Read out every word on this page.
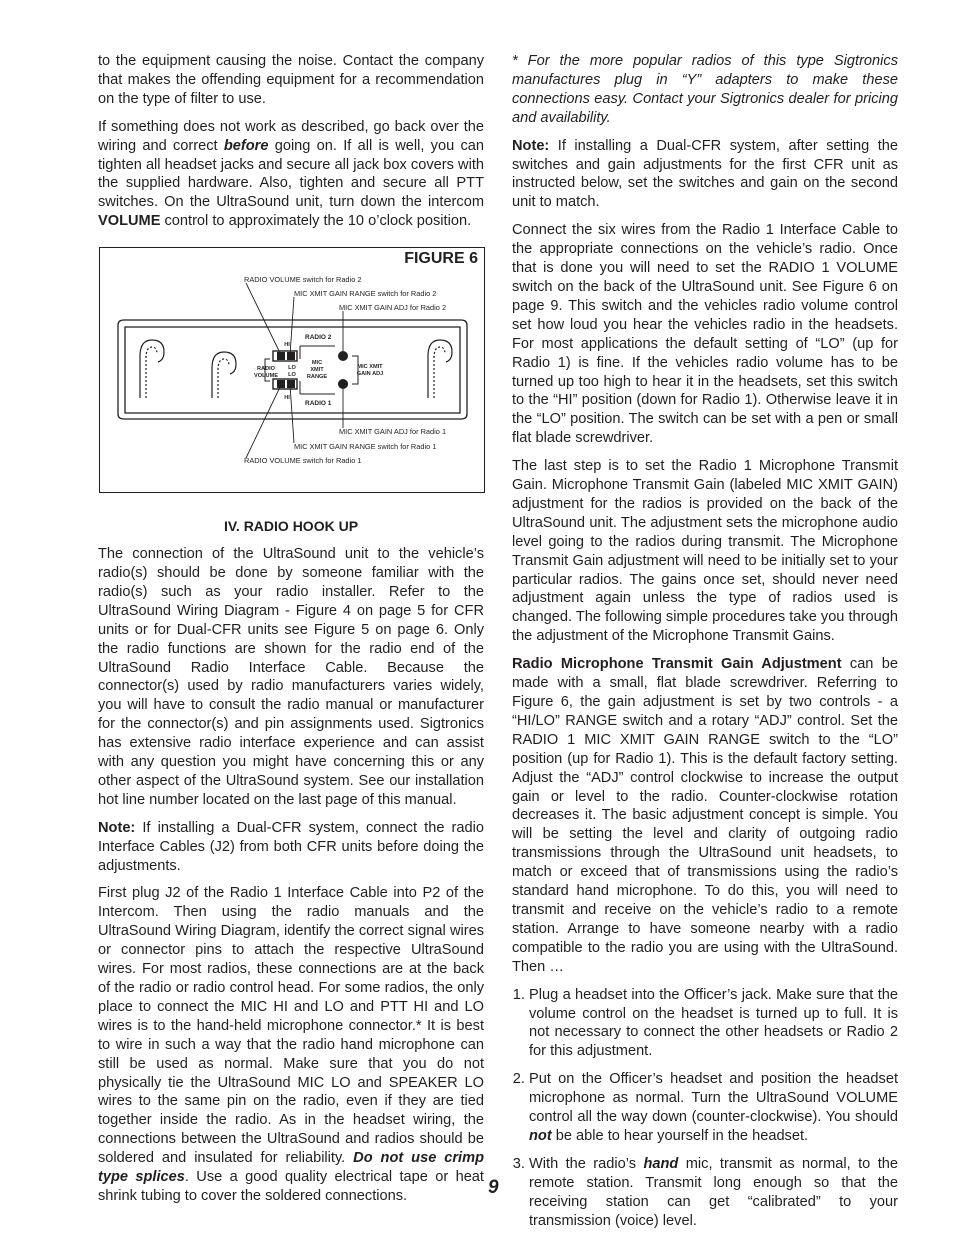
to the equipment causing the noise. Contact the company that makes the offending equipment for a recommendation on the type of filter to use.

If something does not work as described, go back over the wiring and correct before going on. If all is well, you can tighten all headset jacks and secure all jack box covers with the supplied hardware. Also, tighten and secure all PTT switches. On the UltraSound unit, turn down the intercom VOLUME control to approximately the 10 o’clock position.

FIGURE 6
HI
HI
RADIO 2
RADIO 1
RADIO
VOLUME
LO
LO
MIC
XMIT
RANGE
MIC XMIT
GAIN ADJ
RADIO VOLUME switch for Radio 2
MIC XMIT GAIN RANGE switch for Radio 2
MIC XMIT GAIN ADJ for Radio 2
MIC XMIT GAIN ADJ for Radio 1
MIC XMIT GAIN RANGE switch for Radio 1
RADIO VOLUME switch for Radio 1
IV. RADIO HOOK UP

The connection of the UltraSound unit to the vehicle’s radio(s) should be done by someone familiar with the radio(s) such as your radio installer. Refer to the UltraSound Wiring Diagram - Figure 4 on page 5 for CFR units or for Dual-CFR units see Figure 5 on page 6. Only the radio functions are shown for the radio end of the UltraSound Radio Interface Cable. Because the connector(s) used by radio manufacturers varies widely, you will have to consult the radio manual or manufacturer for the connector(s) and pin assignments used. Sigtronics has extensive radio interface experience and can assist with any question you might have concerning this or any other aspect of the UltraSound system. See our installation hot line number located on the last page of this manual.

Note: If installing a Dual-CFR system, connect the radio Interface Cables (J2) from both CFR units before doing the adjustments.

First plug J2 of the Radio 1 Interface Cable into P2 of the Intercom. Then using the radio manuals and the UltraSound Wiring Diagram, identify the correct signal wires or connector pins to attach the respective UltraSound wires. For most radios, these connections are at the back of the radio or radio control head. For some radios, the only place to connect the MIC HI and LO and PTT HI and LO wires is to the hand-held microphone connector.* It is best to wire in such a way that the radio hand microphone can still be used as normal. Make sure that you do not physically tie the UltraSound MIC LO and SPEAKER LO wires to the same pin on the radio, even if they are tied together inside the radio. As in the headset wiring, the connections between the UltraSound and radios should be soldered and insulated for reliability. Do not use crimp type splices. Use a good quality electrical tape or heat shrink tubing to cover the soldered connections.

* For the more popular radios of this type Sigtronics manufactures plug in “Y” adapters to make these connections easy. Contact your Sigtronics dealer for pricing and availability.

Note: If installing a Dual-CFR system, after setting the switches and gain adjustments for the first CFR unit as instructed below, set the switches and gain on the second unit to match.

Connect the six wires from the Radio 1 Interface Cable to the appropriate connections on the vehicle’s radio. Once that is done you will need to set the RADIO 1 VOLUME switch on the back of the UltraSound unit. See Figure 6 on page 9. This switch and the vehicles radio volume control set how loud you hear the vehicles radio in the headsets. For most applications the default setting of “LO” (up for Radio 1) is fine. If the vehicles radio volume has to be turned up too high to hear it in the headsets, set this switch to the “HI” position (down for Radio 1). Otherwise leave it in the “LO” position. The switch can be set with a pen or small flat blade screwdriver.

The last step is to set the Radio 1 Microphone Transmit Gain. Microphone Transmit Gain (labeled MIC XMIT GAIN) adjustment for the radios is provided on the back of the UltraSound unit. The adjustment sets the microphone audio level going to the radios during transmit. The Microphone Transmit Gain adjustment will need to be initially set to your particular radios. The gains once set, should never need adjustment again unless the type of radios used is changed. The following simple procedures take you through the adjustment of the Microphone Transmit Gains.

Radio Microphone Transmit Gain Adjustment can be made with a small, flat blade screwdriver. Referring to Figure 6, the gain adjustment is set by two controls - a “HI/LO” RANGE switch and a rotary “ADJ” control. Set the RADIO 1 MIC XMIT GAIN RANGE switch to the “LO” position (up for Radio 1). This is the default factory setting. Adjust the “ADJ” control clockwise to increase the output gain or level to the radio. Counter-clockwise rotation decreases it. The basic adjustment concept is simple. You will be setting the level and clarity of outgoing radio transmissions through the UltraSound unit headsets, to match or exceed that of transmissions using the radio’s standard hand microphone. To do this, you will need to transmit and receive on the vehicle’s radio to a remote station. Arrange to have someone nearby with a radio compatible to the radio you are using with the UltraSound. Then …

1. Plug a headset into the Officer’s jack. Make sure that the volume control on the headset is turned up to full. It is not necessary to connect the other headsets or Radio 2 for this adjustment.
2. Put on the Officer’s headset and position the headset microphone as normal. Turn the UltraSound VOLUME control all the way down (counter-clockwise). You should not be able to hear yourself in the headset.
3. With the radio’s hand mic, transmit as normal, to the remote station. Transmit long enough so that the receiving station can get “calibrated” to your transmission (voice) level.
9
